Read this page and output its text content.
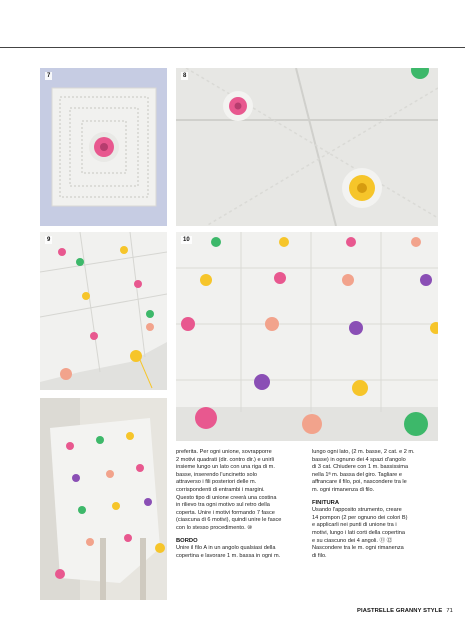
7	8
9	10

preferita. Per ogni unione, sovrapporre
2 motivi quadrati (dir. contro dir.) e unirli
insieme lungo un lato con una riga di m.
basse, inserendo l'uncinetto solo
attraverso i fili posteriori delle m.
corrispondenti di entrambi i margini.
Questo tipo di unione creerà una costina
in rilievo tra ogni motivo sul retro della
coperta. Unire i motivi formando 7 fasce
(ciascuna di 6 motivi), quindi unire le fasce
con lo stesso procedimento. ⑩

BORDO

Unire il filo A in un angolo qualsiasi della
copertina e lavorare 1 m. bassa in ogni m.

lungo ogni lato, (2 m. basse, 2 cat. e 2 m.
basse) in ognuno dei 4 spazi d'angolo
di 3 cat. Chiudere con 1 m. bassissima
nella 1ª m. bassa del giro. Tagliare e
affrancare il filo, poi, nascondere tra le
m. ogni rimanenza di filo.

FINITURA

Usando l'apposito strumento, creare
14 pompon (2 per ognuno dei colori B)
e applicarli nei punti di unione tra i
motivi, lungo i lati corti della copertina
e su ciascuno dei 4 angoli. ⑪ ⑫
Nascondere tra le m. ogni rimanenza
di filo.

PIASTRELLE GRANNY STYLE 71
